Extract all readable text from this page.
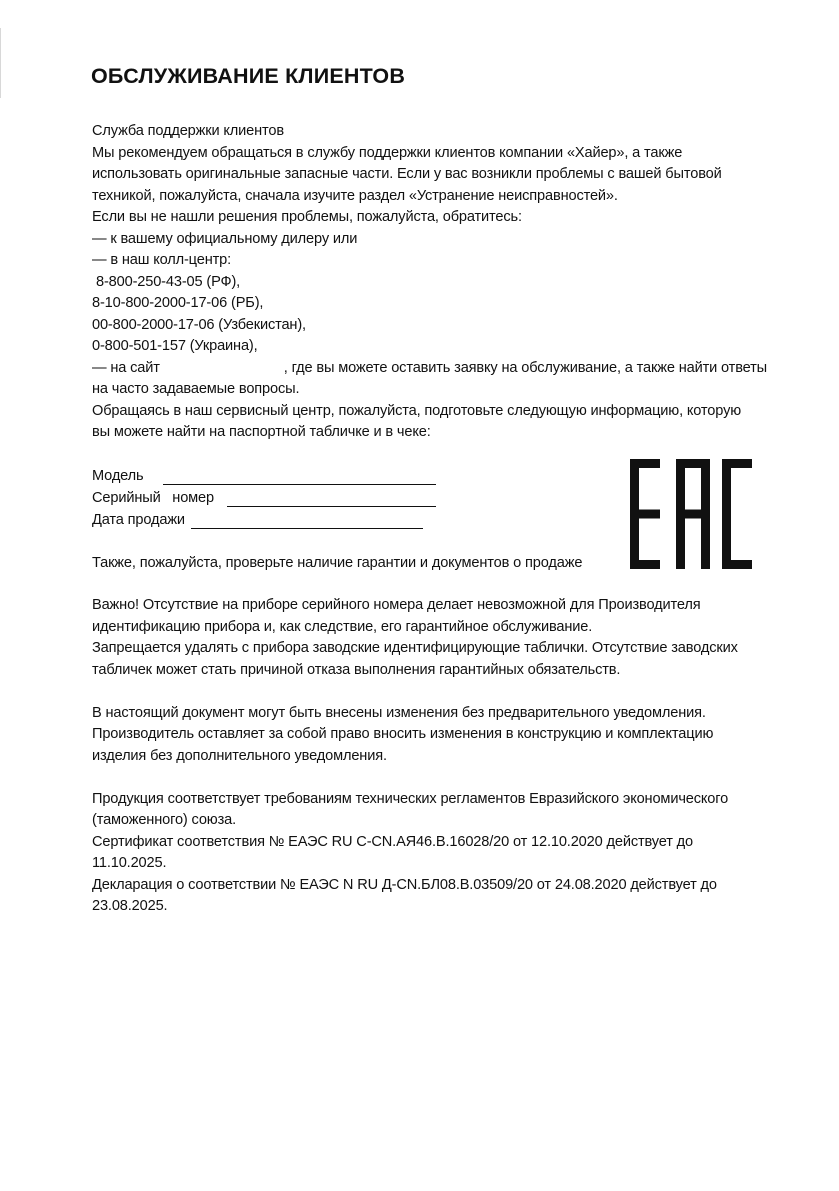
ОБСЛУЖИВАНИЕ КЛИЕНТОВ
Служба поддержки клиентов
Мы рекомендуем обращаться в службу поддержки клиентов компании «Хайер», а также
использовать оригинальные запасные части. Если у вас возникли проблемы с вашей бытовой
техникой, пожалуйста, сначала изучите раздел «Устранение неисправностей».
Если вы не нашли решения проблемы, пожалуйста, обратитесь:
— к вашему официальному дилеру или
— в наш колл-центр:
8-800-250-43-05 (РФ),
8-10-800-2000-17-06 (РБ),
00-800-2000-17-06 (Узбекистан),
0-800-501-157 (Украина),
— на сайт	, где вы можете оставить заявку на обслуживание, а также найти ответы
на часто задаваемые вопросы.
Обращаясь в наш сервисный центр, пожалуйста, подготовьте следующую информацию, которую
вы можете найти на паспортной табличке и в чеке:
Модель
Серийный   номер
Дата продажи
Также, пожалуйста, проверьте наличие гарантии и документов о продаже
Важно! Отсутствие на приборе серийного номера делает невозможной для Производителя
идентификацию прибора и, как следствие, его гарантийное обслуживание.
Запрещается удалять с прибора заводские идентифицирующие таблички. Отсутствие заводских
табличек может стать причиной отказа выполнения гарантийных обязательств.
В настоящий документ могут быть внесены изменения без предварительного уведомления.
Производитель оставляет за собой право вносить изменения в конструкцию и комплектацию
изделия без дополнительного уведомления.
Продукция соответствует требованиям технических регламентов Евразийского экономического
(таможенного) союза.
Сертификат соответствия № ЕАЭС RU C-CN.АЯ46.В.16028/20 от 12.10.2020 действует до
11.10.2025.
Декларация о соответствии № ЕАЭС N RU Д-CN.БЛ08.В.03509/20 от 24.08.2020 действует до
23.08.2025.
